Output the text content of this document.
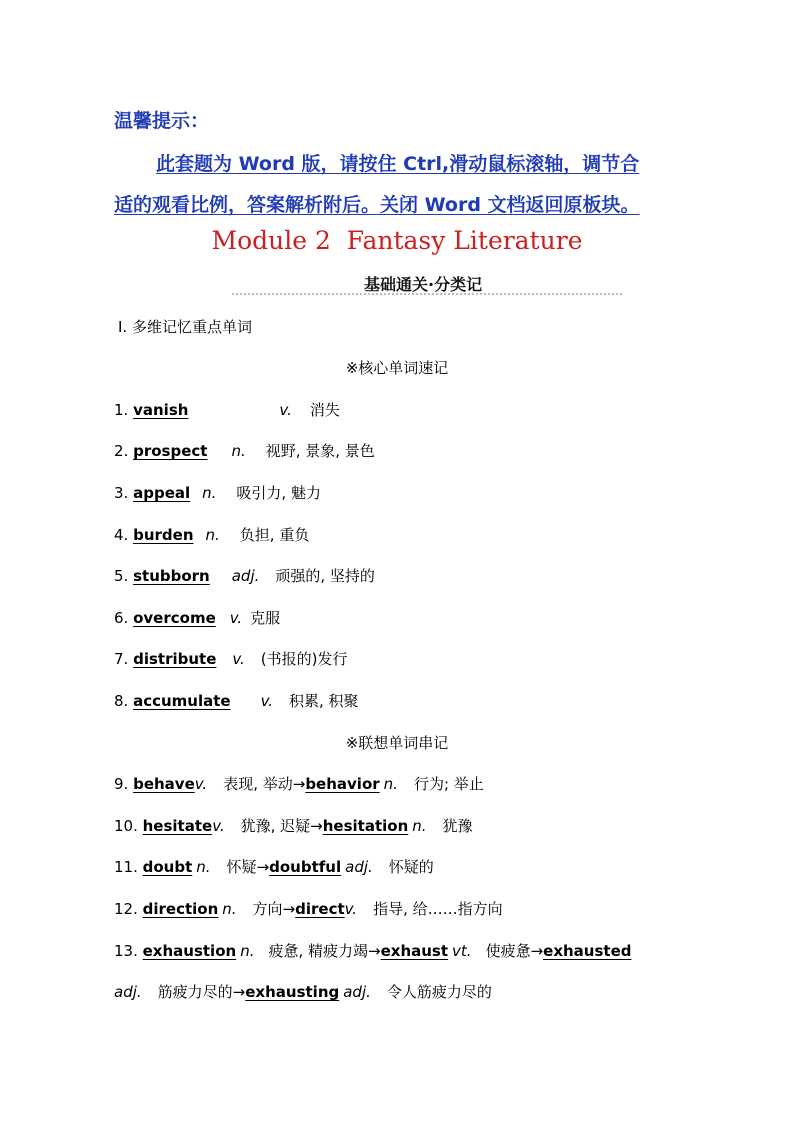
温馨提示：
此套题为 Word 版，请按住 Ctrl,滑动鼠标滚轴，调节合
适的观看比例，答案解析附后。关闭 Word 文档返回原板块。
Module 2  Fantasy Literature
基础通关·分类记
Ⅰ. 多维记忆重点单词
※核心单词速记
1. vanish	v. 消失
2. prospect n. 视野, 景象, 景色
3. appeal n. 吸引力, 魅力
4. burden n. 负担, 重负
5. stubborn adj. 顽强的, 坚持的
6. overcome v. 克服
7. distribute v. (书报的)发行
8. accumulate v. 积累, 积聚
※联想单词串记
9. behavev. 表现, 举动→behavior n. 行为; 举止
10. hesitatev. 犹豫, 迟疑→hesitation n. 犹豫
11. doubt n. 怀疑→doubtful adj. 怀疑的
12. direction n. 方向→directv. 指导, 给……指方向
13. exhaustion n. 疲惫, 精疲力竭→exhaust vt. 使疲惫→exhausted
adj. 筋疲力尽的→exhausting adj. 令人筋疲力尽的
